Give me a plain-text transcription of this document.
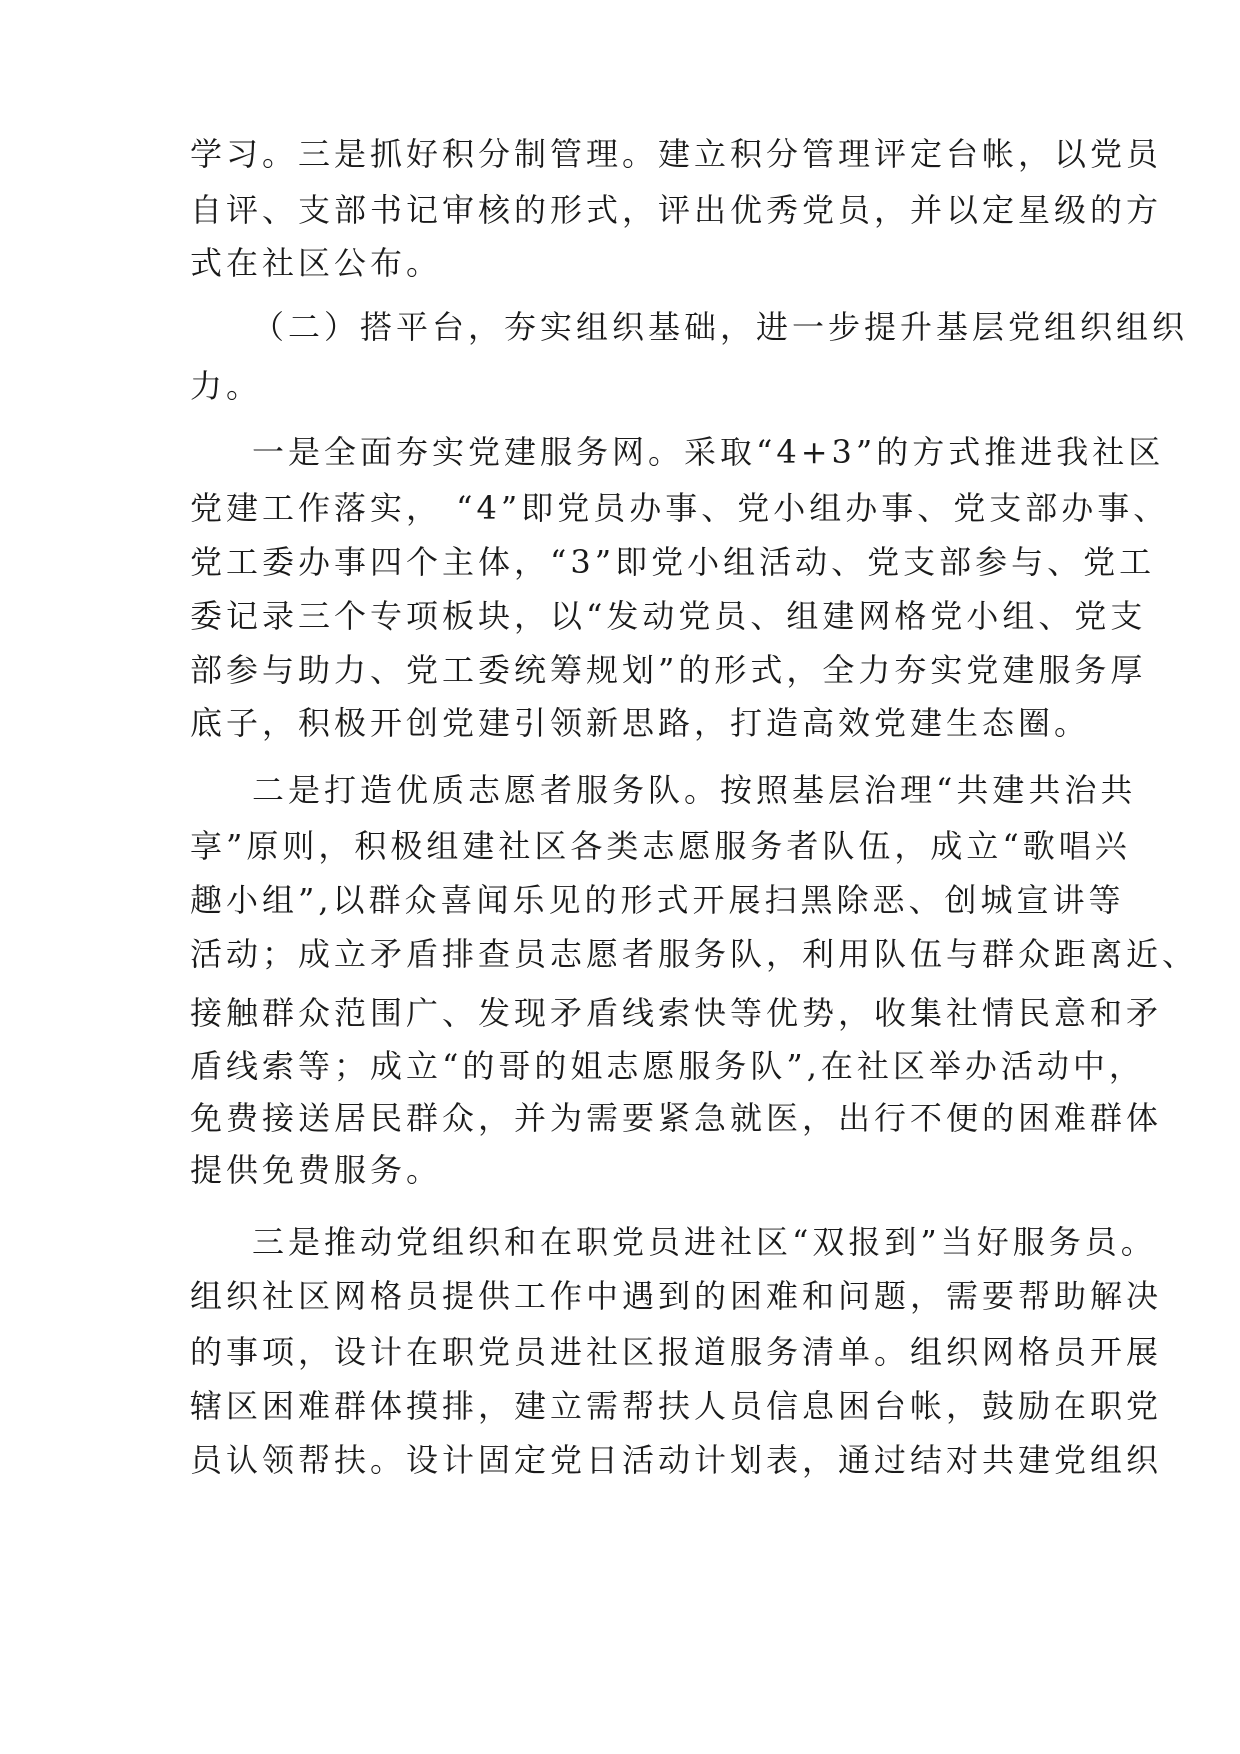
学习。三是抓好积分制管理。建立积分管理评定台帐，以党员

自评、支部书记审核的形式，评出优秀党员，并以定星级的方

式在社区公布。

（二）搭平台，夯实组织基础，进一步提升基层党组织组织

力。

一是全面夯实党建服务网。采取“4+3”的方式推进我社区

党建工作落实， “4”即党员办事、党小组办事、党支部办事、

党工委办事四个主体，“3”即党小组活动、党支部参与、党工

委记录三个专项板块，以“发动党员、组建网格党小组、党支

部参与助力、党工委统筹规划”的形式，全力夯实党建服务厚

底子，积极开创党建引领新思路，打造高效党建生态圈。

二是打造优质志愿者服务队。按照基层治理“共建共治共

享”原则，积极组建社区各类志愿服务者队伍，成立“歌唱兴

趣小组”,以群众喜闻乐见的形式开展扫黑除恶、创城宣讲等

活动；成立矛盾排查员志愿者服务队，利用队伍与群众距离近、

接触群众范围广、发现矛盾线索快等优势，收集社情民意和矛

盾线索等；成立“的哥的姐志愿服务队”,在社区举办活动中，

免费接送居民群众，并为需要紧急就医，出行不便的困难群体

提供免费服务。

三是推动党组织和在职党员进社区“双报到”当好服务员。

组织社区网格员提供工作中遇到的困难和问题，需要帮助解决

的事项，设计在职党员进社区报道服务清单。组织网格员开展

辖区困难群体摸排，建立需帮扶人员信息困台帐，鼓励在职党

员认领帮扶。设计固定党日活动计划表，通过结对共建党组织
